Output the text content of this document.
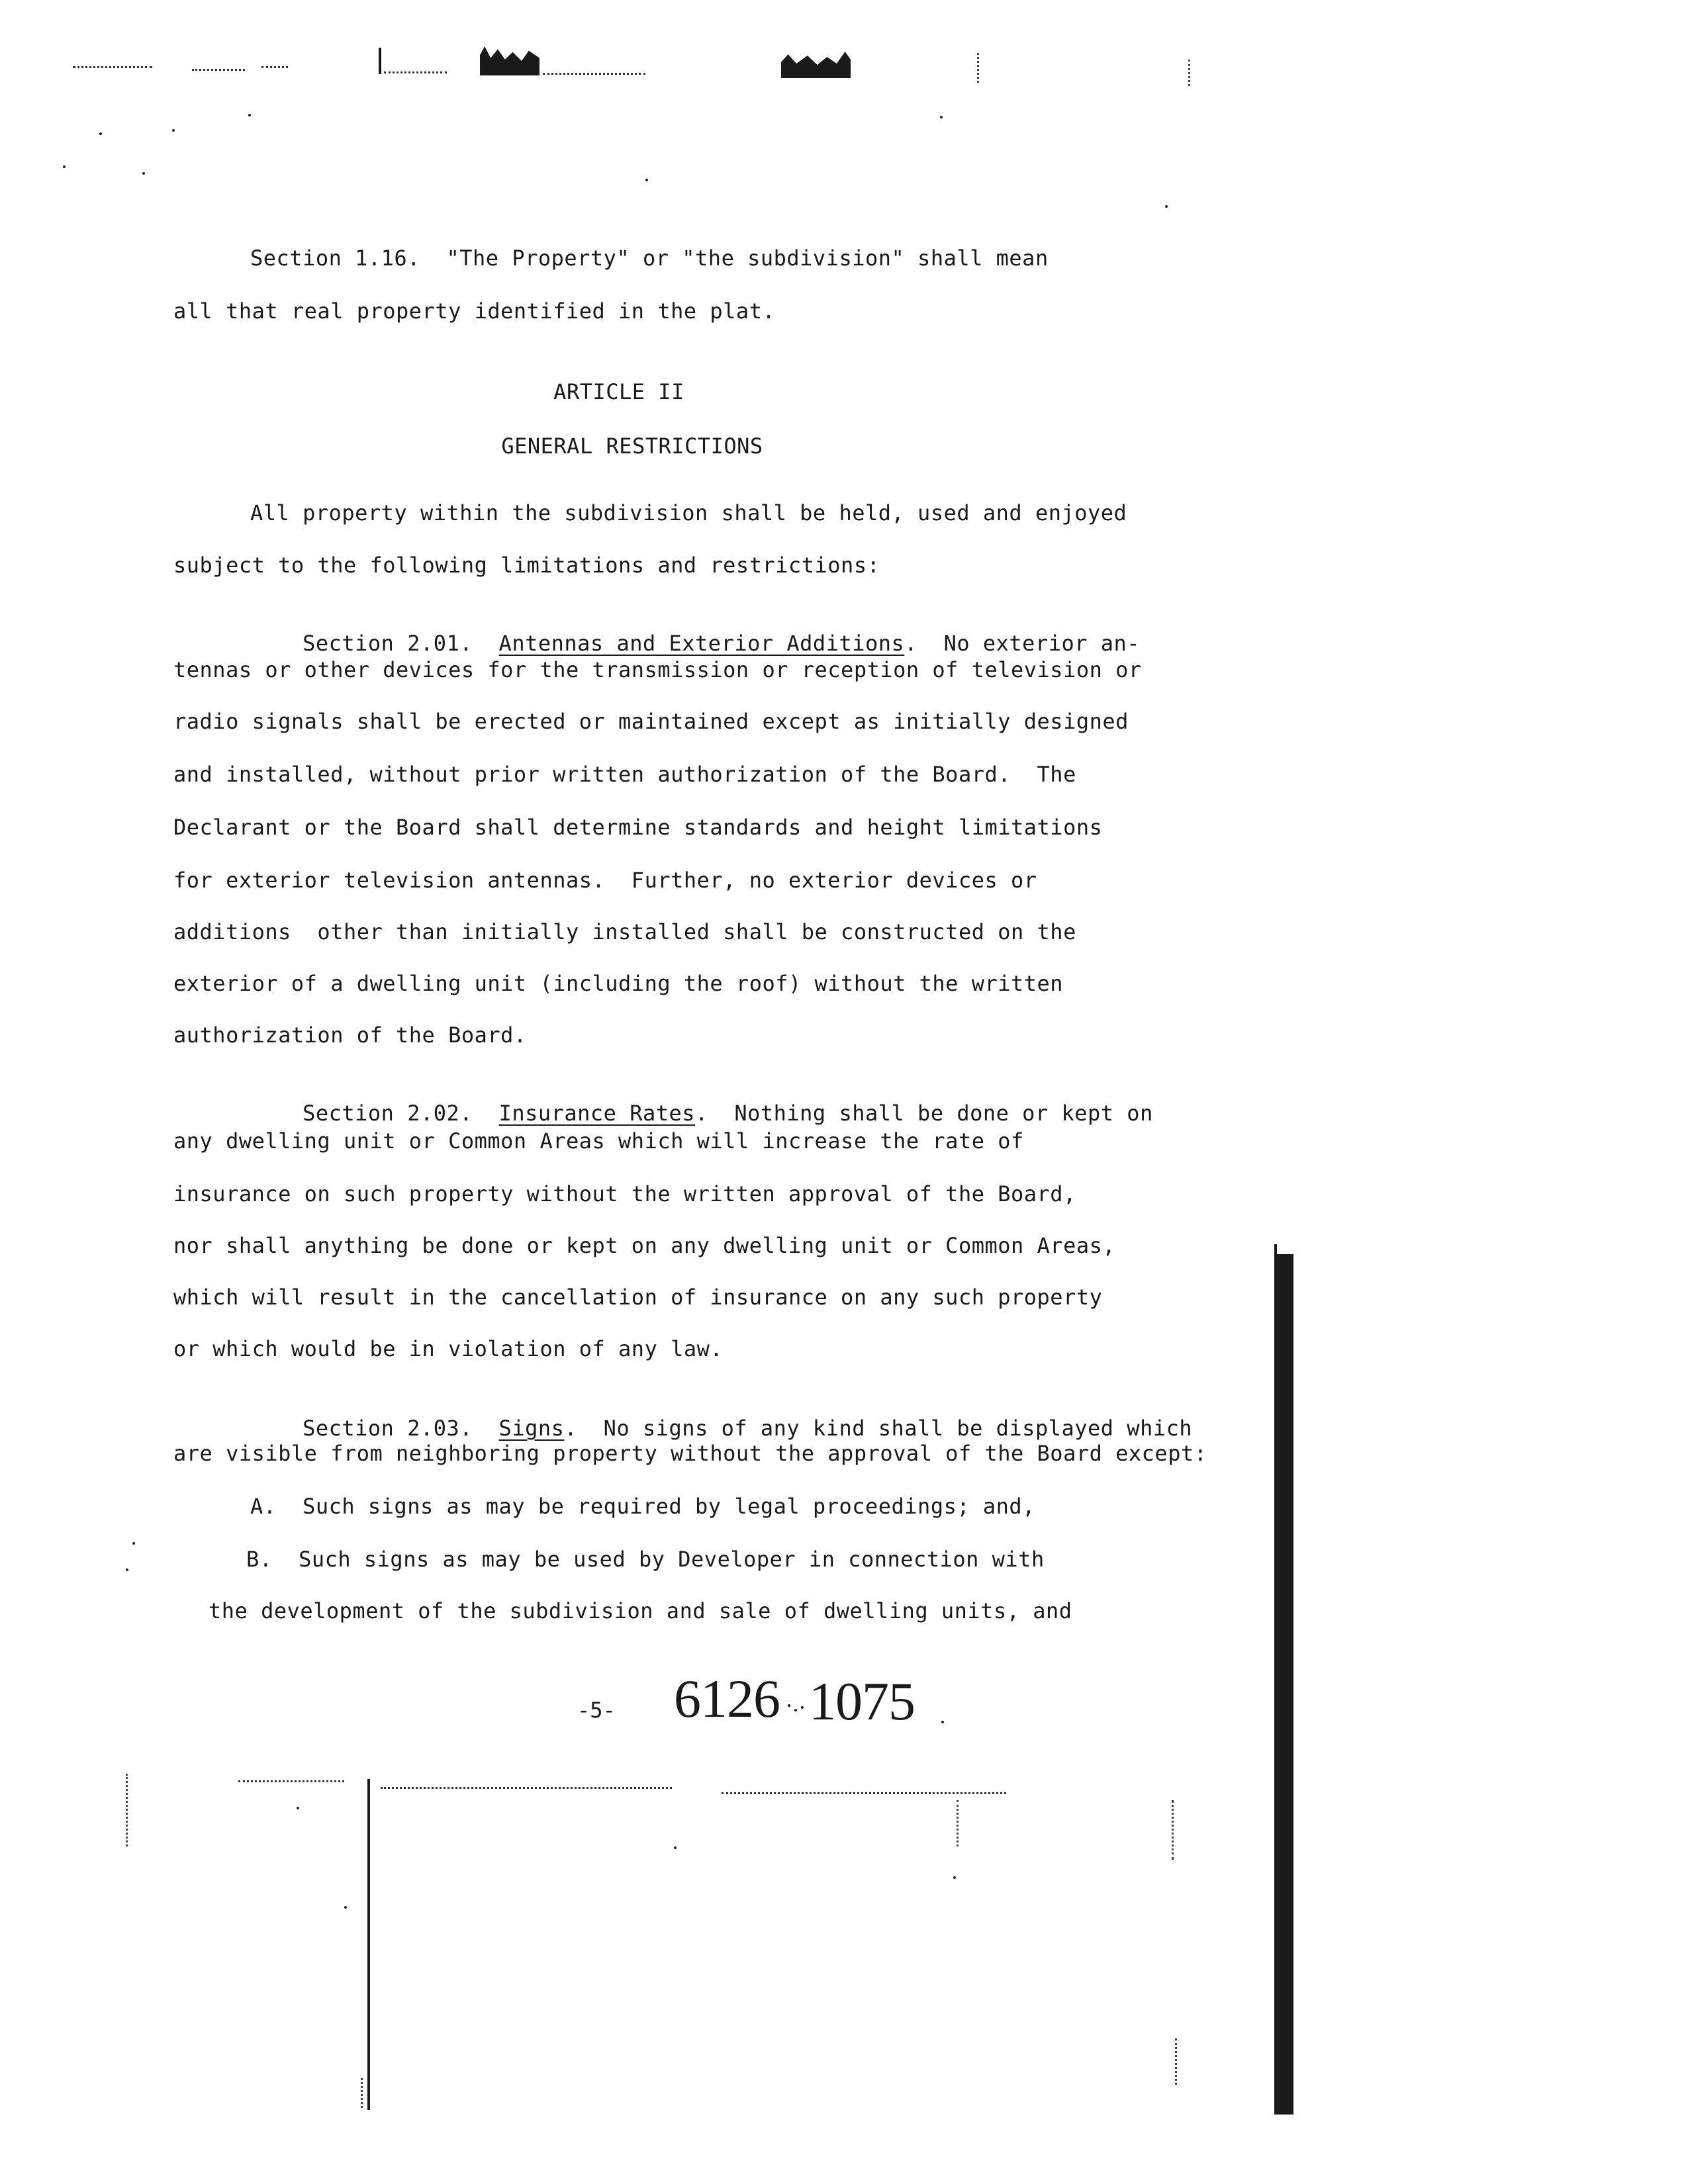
Section 1.16.  "The Property" or "the subdivision" shall mean
all that real property identified in the plat.
ARTICLE II
GENERAL RESTRICTIONS
All property within the subdivision shall be held, used and enjoyed
subject to the following limitations and restrictions:

Section 2.01.  Antennas and Exterior Additions.  No exterior an-

tennas or other devices for the transmission or reception of television or
radio signals shall be erected or maintained except as initially designed
and installed, without prior written authorization of the Board.  The
Declarant or the Board shall determine standards and height limitations
for exterior television antennas.  Further, no exterior devices or
additions  other than initially installed shall be constructed on the
exterior of a dwelling unit (including the roof) without the written
authorization of the Board.

Section 2.02.  Insurance Rates.  Nothing shall be done or kept on

any dwelling unit or Common Areas which will increase the rate of
insurance on such property without the written approval of the Board,
nor shall anything be done or kept on any dwelling unit or Common Areas,
which will result in the cancellation of insurance on any such property
or which would be in violation of any law.

Section 2.03.  Signs.  No signs of any kind shall be displayed which

are visible from neighboring property without the approval of the Board except:
A.  Such signs as may be required by legal proceedings; and,
B.  Such signs as may be used by Developer in connection with
the development of the subdivision and sale of dwelling units, and
-5- 6126 1075
